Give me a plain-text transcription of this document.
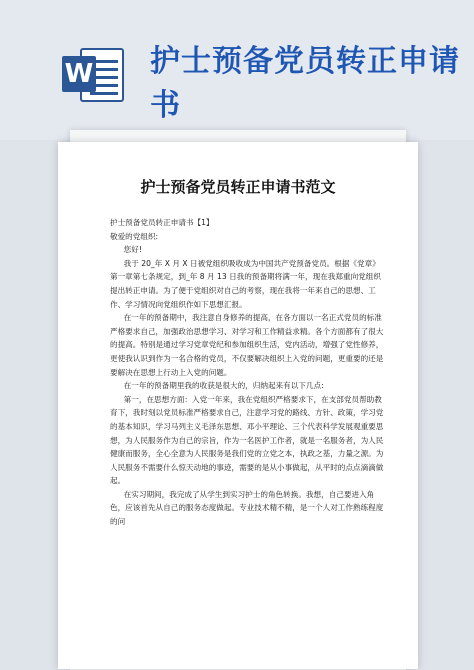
W 护士预备党员转正申请书
护士预备党员转正申请书范文

护士预备党员转正申请书【1】

敬爱的党组织:

您好!

我于 20_年 X 月 X 日被党组织吸收成为中国共产党预备党员。根据《党章》第一章第七条规定，到_年 8 月 13 日我的预备期将满一年，现在我郑重向党组织提出转正申请。为了便于党组织对自己的考察，现在我将一年来自己的思想、工作、学习情况向党组织作如下思想汇报。

在一年的预备期中，我注意自身修养的提高，在各方面以一名正式党员的标准严格要求自己，加强政治思想学习、对学习和工作精益求精。各个方面都有了很大的提高。特别是通过学习党章党纪和参加组织生活，党内活动，增强了党性修养，更使我认识到作为一名合格的党员，不仅要解决组织上入党的问题，更重要的还是要解决在思想上行动上入党的问题。

在一年的预备期里我的收获是很大的，归纳起来有以下几点:

第一，在思想方面：入党一年来，我在党组织严格要求下，在支部党员帮助教育下，我时刻以党员标准严格要求自己，注意学习党的路线、方针、政策，学习党的基本知识，学习马列主义毛泽东思想、邓小平理论、三个代表科学发展观重要思想，为人民服务作为自己的宗旨，作为一名医护工作者，就是一名服务者，为人民健康而服务，全心全意为人民服务是我们党的立党之本，执政之基，力量之源。为人民服务不需要什么惊天动地的事迹，需要的是从小事做起，从平时的点点滴滴做起。

在实习期间，我完成了从学生到实习护士的角色转换。我想，自己要进入角色，应该首先从自己的服务态度做起。专业技术精不精，是一个人对工作熟练程度的问
